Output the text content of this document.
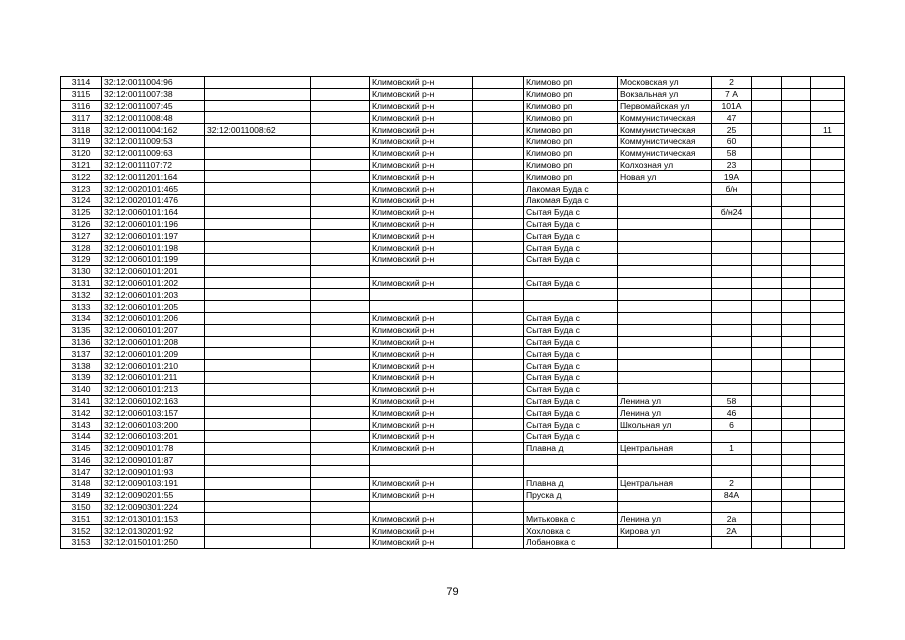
3114	32:12:0011004:96			Климовский р-н		Климово рп	Московская ул	2			
3115	32:12:0011007:38			Климовский р-н		Климово рп	Вокзальная ул	7 А			
3116	32:12:0011007:45			Климовский р-н		Климово рп	Первомайская ул	101А			
3117	32:12:0011008:48			Климовский р-н		Климово рп	Коммунистическая	47			
3118	32:12:0011004:162	32:12:0011008:62		Климовский р-н		Климово рп	Коммунистическая	25			11
3119	32:12:0011009:53			Климовский р-н		Климово рп	Коммунистическая	60			
3120	32:12:0011009:63			Климовский р-н		Климово рп	Коммунистическая	58			
3121	32:12:0011107:72			Климовский р-н		Климово рп	Колхозная ул	23			
3122	32:12:0011201:164			Климовский р-н		Климово рп	Новая ул	19А			
3123	32:12:0020101:465			Климовский р-н		Лакомая Буда с		б/н			
3124	32:12:0020101:476			Климовский р-н		Лакомая Буда с					
3125	32:12:0060101:164			Климовский р-н		Сытая Буда с		б/н24			
3126	32:12:0060101:196			Климовский р-н		Сытая Буда с					
3127	32:12:0060101:197			Климовский р-н		Сытая Буда с					
3128	32:12:0060101:198			Климовский р-н		Сытая Буда с					
3129	32:12:0060101:199			Климовский р-н		Сытая Буда с					
3130	32:12:0060101:201										
3131	32:12:0060101:202			Климовский р-н		Сытая Буда с					
3132	32:12:0060101:203										
3133	32:12:0060101:205										
3134	32:12:0060101:206			Климовский р-н		Сытая Буда с					
3135	32:12:0060101:207			Климовский р-н		Сытая Буда с					
3136	32:12:0060101:208			Климовский р-н		Сытая Буда с					
3137	32:12:0060101:209			Климовский р-н		Сытая Буда с					
3138	32:12:0060101:210			Климовский р-н		Сытая Буда с					
3139	32:12:0060101:211			Климовский р-н		Сытая Буда с					
3140	32:12:0060101:213			Климовский р-н		Сытая Буда с					
3141	32:12:0060102:163			Климовский р-н		Сытая Буда с	Ленина ул	58			
3142	32:12:0060103:157			Климовский р-н		Сытая Буда с	Ленина ул	46			
3143	32:12:0060103:200			Климовский р-н		Сытая Буда с	Школьная ул	6			
3144	32:12:0060103:201			Климовский р-н		Сытая Буда с					
3145	32:12:0090101:78			Климовский р-н		Плавна д	Центральная	1			
3146	32:12:0090101:87										
3147	32:12:0090101:93										
3148	32:12:0090103:191			Климовский р-н		Плавна д	Центральная	2			
3149	32:12:0090201:55			Климовский р-н		Пруска д		84А			
3150	32:12:0090301:224										
3151	32:12:0130101:153			Климовский р-н		Митьковка с	Ленина ул	2а			
3152	32:12:0130201:92			Климовский р-н		Хохловка с	Кирова ул	2А			
3153	32:12:0150101:250			Климовский р-н		Лобановка с					
79
